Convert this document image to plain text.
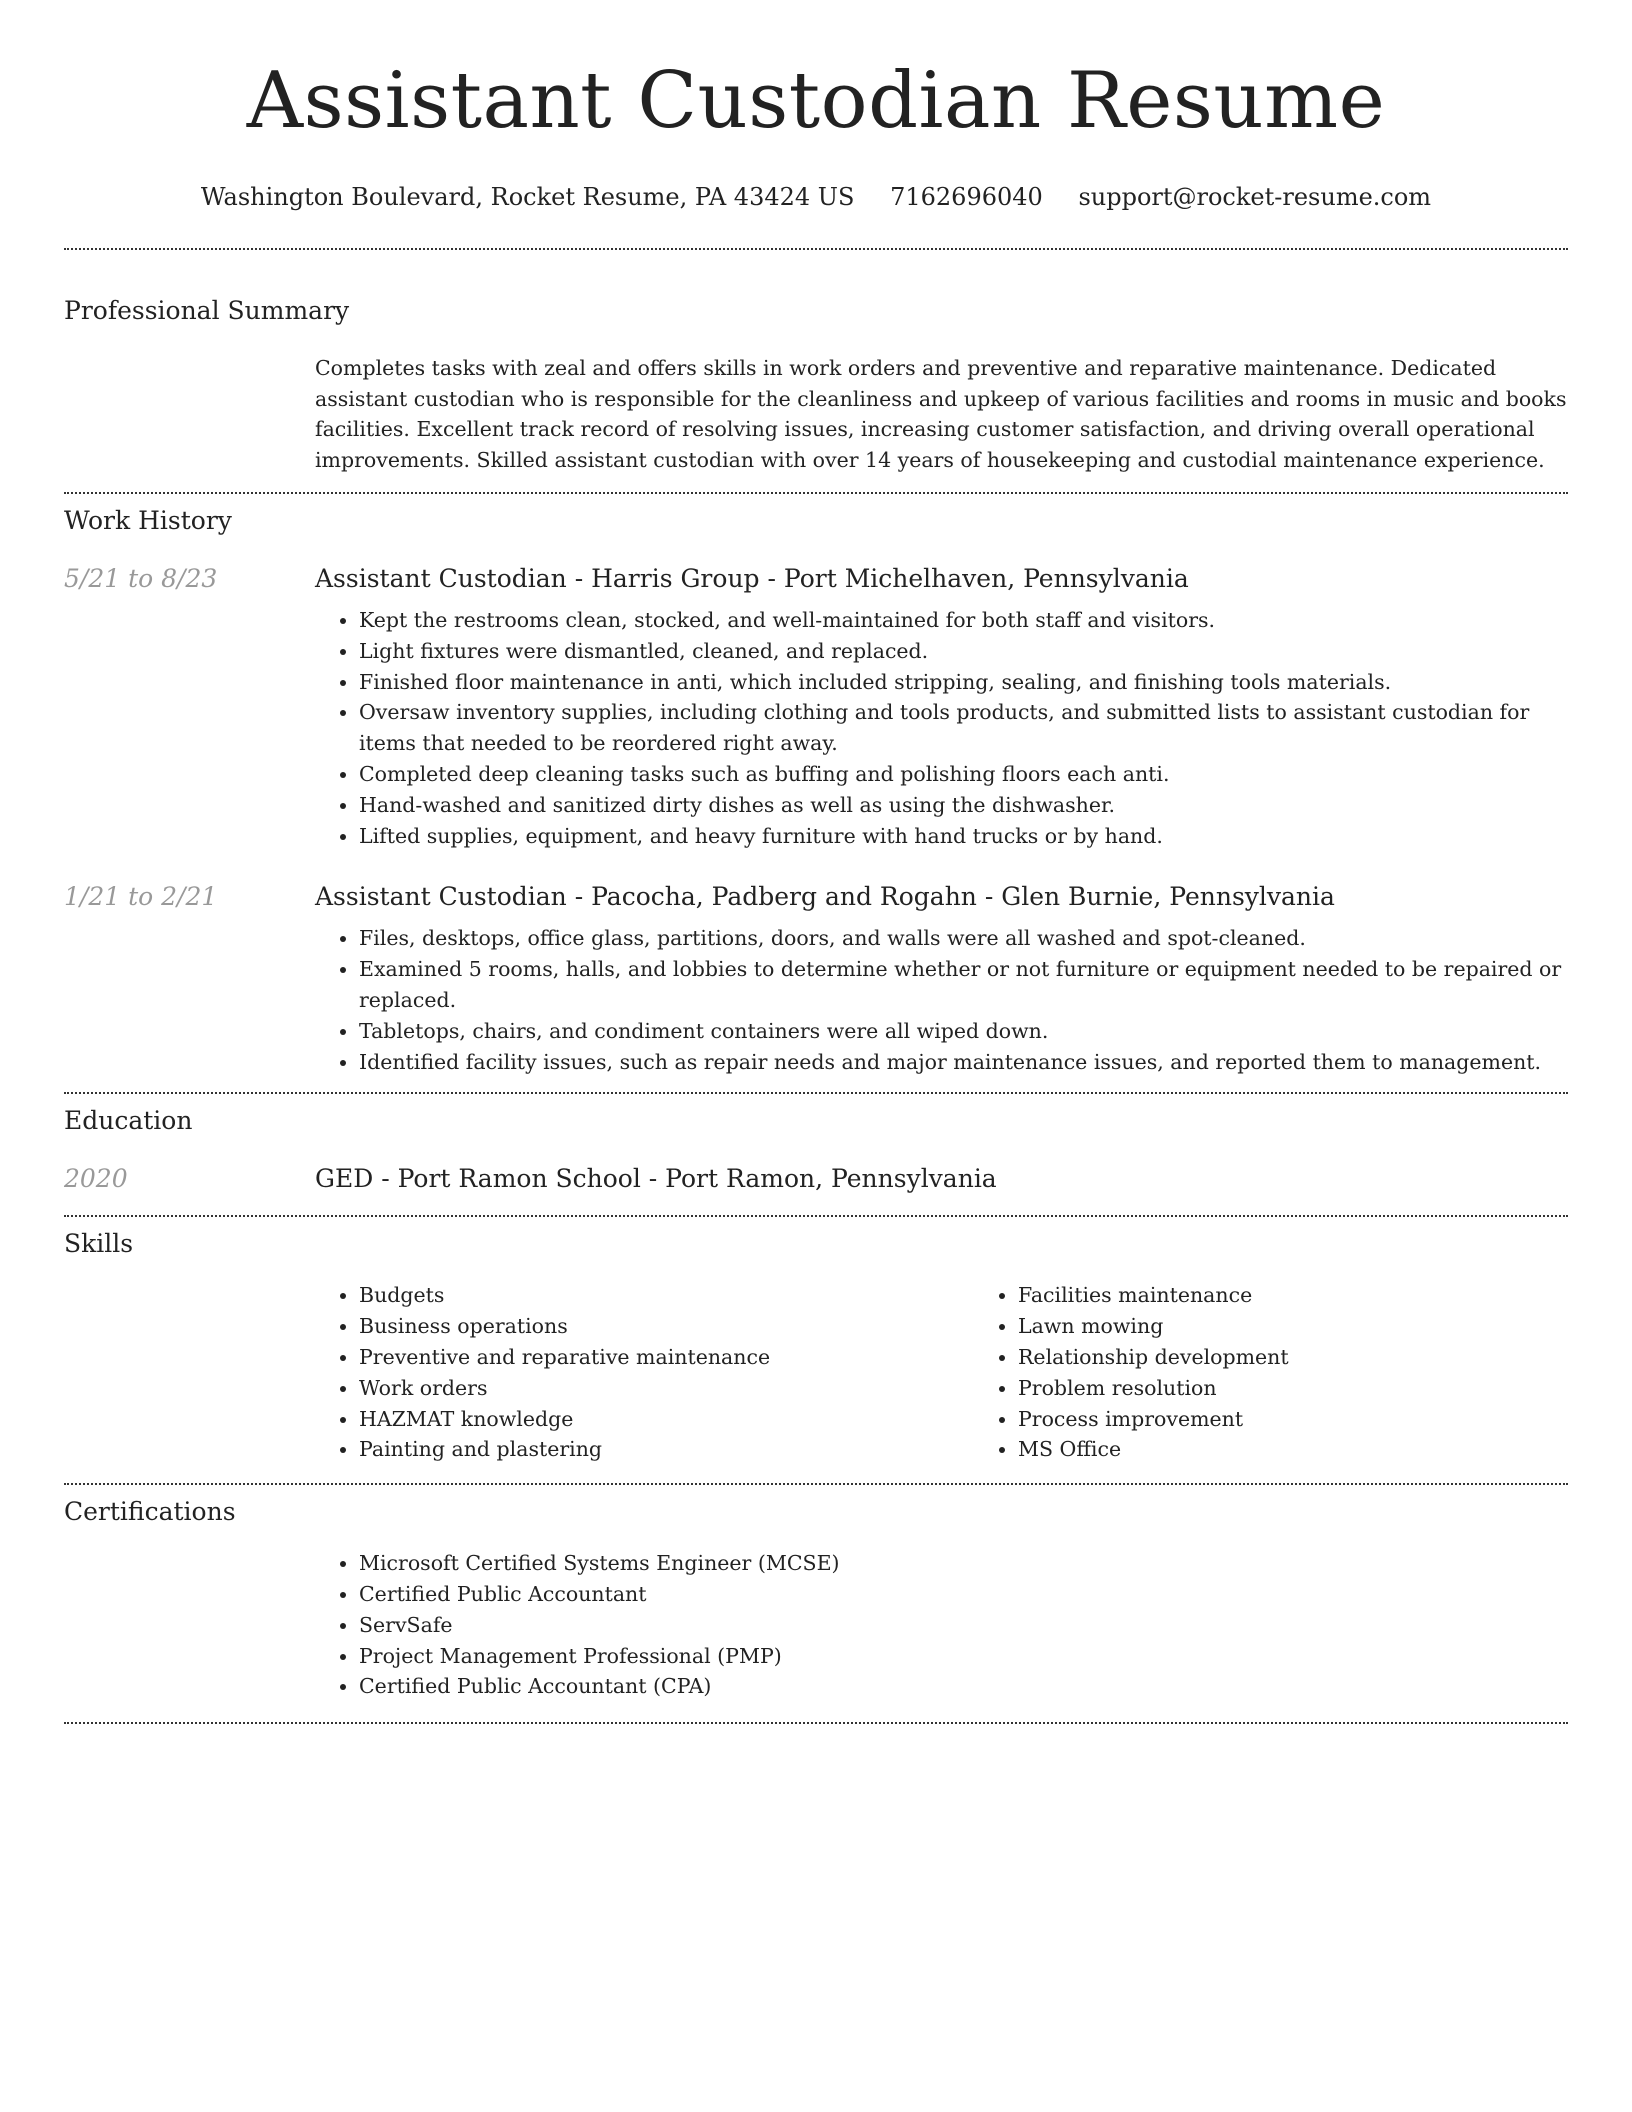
Assistant Custodian Resume
Washington Boulevard, Rocket Resume, PA 43424 US 7162696040 support@rocket-resume.com
Professional Summary

Completes tasks with zeal and offers skills in work orders and preventive and reparative maintenance. Dedicated assistant custodian who is responsible for the cleanliness and upkeep of various facilities and rooms in music and books facilities. Excellent track record of resolving issues, increasing customer satisfaction, and driving overall operational improvements. Skilled assistant custodian with over 14 years of housekeeping and custodial maintenance experience.

Work History
5/21 to 8/23	Assistant Custodian - Harris Group - Port Michelhaven, Pennsylvania
• Kept the restrooms clean, stocked, and well-maintained for both staff and visitors.
• Light fixtures were dismantled, cleaned, and replaced.
• Finished floor maintenance in anti, which included stripping, sealing, and finishing tools materials.
• Oversaw inventory supplies, including clothing and tools products, and submitted lists to assistant custodian for items that needed to be reordered right away.
• Completed deep cleaning tasks such as buffing and polishing floors each anti.
• Hand-washed and sanitized dirty dishes as well as using the dishwasher.
• Lifted supplies, equipment, and heavy furniture with hand trucks or by hand.
1/21 to 2/21	Assistant Custodian - Pacocha, Padberg and Rogahn - Glen Burnie, Pennsylvania
• Files, desktops, office glass, partitions, doors, and walls were all washed and spot-cleaned.
• Examined 5 rooms, halls, and lobbies to determine whether or not furniture or equipment needed to be repaired or replaced.
• Tabletops, chairs, and condiment containers were all wiped down.
• Identified facility issues, such as repair needs and major maintenance issues, and reported them to management.
Education
2020	GED - Port Ramon School - Port Ramon, Pennsylvania
Skills
• Budgets
• Business operations
• Preventive and reparative maintenance
• Work orders
• HAZMAT knowledge
• Painting and plastering
• Facilities maintenance
• Lawn mowing
• Relationship development
• Problem resolution
• Process improvement
• MS Office
Certifications
• Microsoft Certified Systems Engineer (MCSE)
• Certified Public Accountant
• ServSafe
• Project Management Professional (PMP)
• Certified Public Accountant (CPA)
